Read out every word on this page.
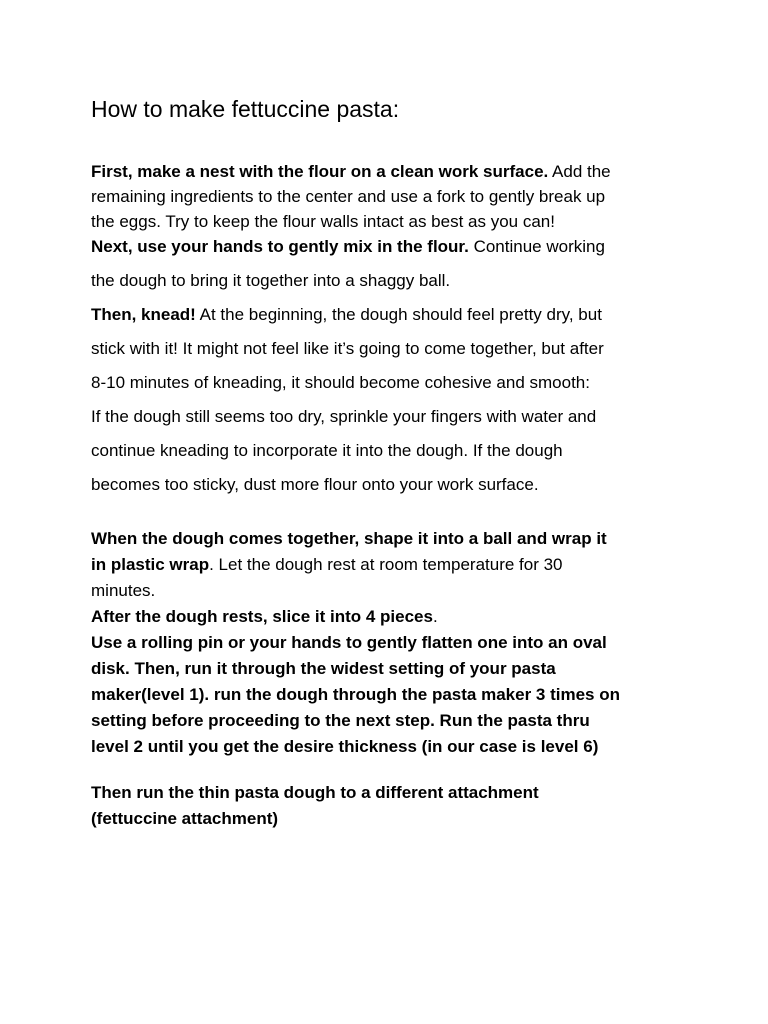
How to make fettuccine pasta:
First, make a nest with the flour on a clean work surface. Add the
remaining ingredients to the center and use a fork to gently break up
the eggs. Try to keep the flour walls intact as best as you can!
Next, use your hands to gently mix in the flour. Continue working
the dough to bring it together into a shaggy ball.
Then, knead! At the beginning, the dough should feel pretty dry, but
stick with it! It might not feel like it’s going to come together, but after
8-10 minutes of kneading, it should become cohesive and smooth:
If the dough still seems too dry, sprinkle your fingers with water and
continue kneading to incorporate it into the dough. If the dough
becomes too sticky, dust more flour onto your work surface.
When the dough comes together, shape it into a ball and wrap it
in plastic wrap. Let the dough rest at room temperature for 30
minutes.
After the dough rests, slice it into 4 pieces.
Use a rolling pin or your hands to gently flatten one into an oval
disk. Then, run it through the widest setting of your pasta
maker(level 1). run the dough through the pasta maker 3 times on
setting before proceeding to the next step. Run the pasta thru
level 2 until you get the desire thickness (in our case is level 6)
Then run the thin pasta dough to a different attachment
(fettuccine attachment)
